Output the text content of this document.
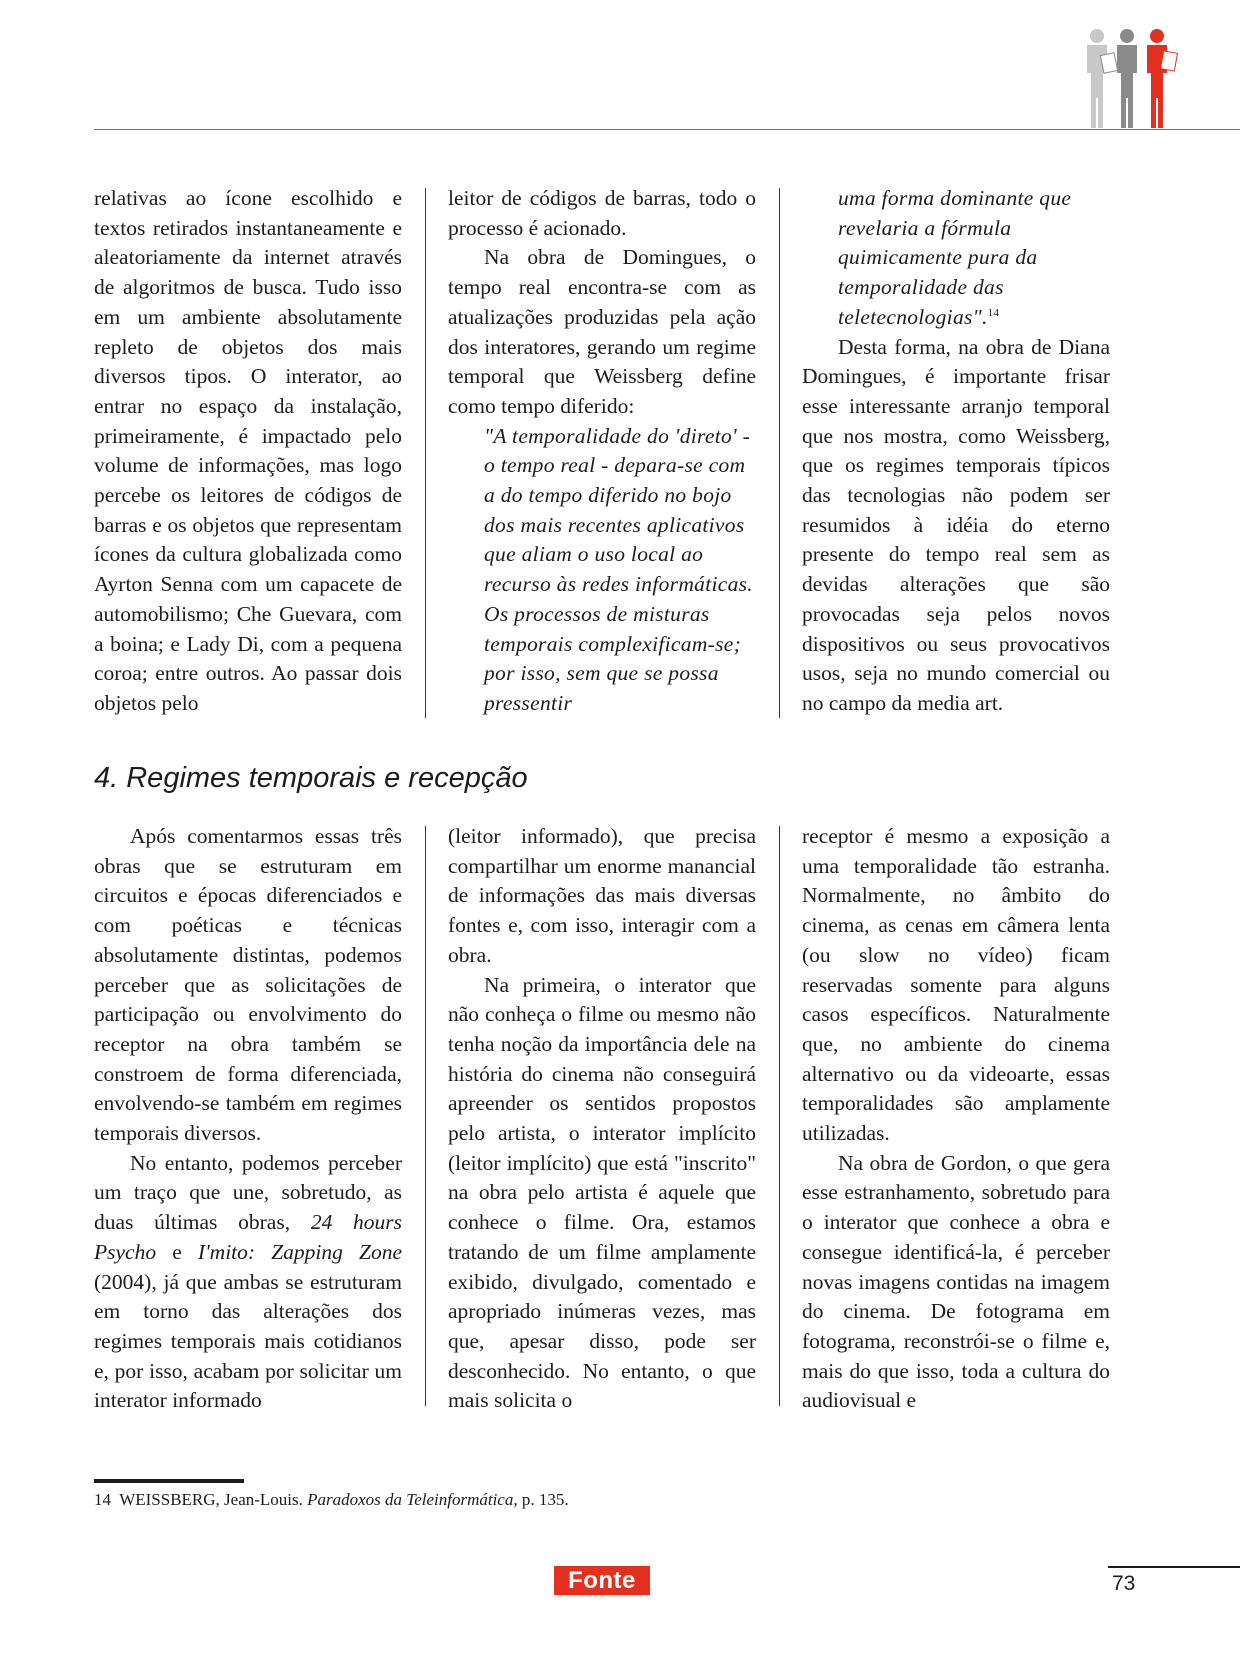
relativas ao ícone escolhido e textos retirados instantaneamente e aleatoriamente da internet através de algoritmos de busca. Tudo isso em um ambiente absolutamente repleto de objetos dos mais diversos tipos. O interator, ao entrar no espaço da instalação, primeiramente, é impactado pelo volume de informações, mas logo percebe os leitores de códigos de barras e os objetos que representam ícones da cultura globalizada como Ayrton Senna com um capacete de automobilismo; Che Guevara, com a boina; e Lady Di, com a pequena coroa; entre outros. Ao passar dois objetos pelo

leitor de códigos de barras, todo o processo é acionado.

Na obra de Domingues, o tempo real encontra-se com as atualizações produzidas pela ação dos interatores, gerando um regime temporal que Weissberg define como tempo diferido:

"A temporalidade do 'direto' - o tempo real - depara-se com a do tempo diferido no bojo dos mais recentes aplicativos que aliam o uso local ao recurso às redes informáticas. Os processos de misturas temporais complexificam-se; por isso, sem que se possa pressentir

uma forma dominante que revelaria a fórmula quimicamente pura da temporalidade das teletecnologias".$^{14}$

Desta forma, na obra de Diana Domingues, é importante frisar esse interessante arranjo temporal que nos mostra, como Weissberg, que os regimes temporais típicos das tecnologias não podem ser resumidos à idéia do eterno presente do tempo real sem as devidas alterações que são provocadas seja pelos novos dispositivos ou seus provocativos usos, seja no mundo comercial ou no campo da media art.

4. Regimes temporais e recepção

Após comentarmos essas três obras que se estruturam em circuitos e épocas diferenciados e com poéticas e técnicas absolutamente distintas, podemos perceber que as solicitações de participação ou envolvimento do receptor na obra também se constroem de forma diferenciada, envolvendo-se também em regimes temporais diversos.

No entanto, podemos perceber um traço que une, sobretudo, as duas últimas obras, 24 hours Psycho e I'mito: Zapping Zone (2004), já que ambas se estruturam em torno das alterações dos regimes temporais mais cotidianos e, por isso, acabam por solicitar um interator informado

(leitor informado), que precisa compartilhar um enorme manancial de informações das mais diversas fontes e, com isso, interagir com a obra.

Na primeira, o interator que não conheça o filme ou mesmo não tenha noção da importância dele na história do cinema não conseguirá apreender os sentidos propostos pelo artista, o interator implícito (leitor implícito) que está "inscrito" na obra pelo artista é aquele que conhece o filme. Ora, estamos tratando de um filme amplamente exibido, divulgado, comentado e apropriado inúmeras vezes, mas que, apesar disso, pode ser desconhecido. No entanto, o que mais solicita o

receptor é mesmo a exposição a uma temporalidade tão estranha. Normalmente, no âmbito do cinema, as cenas em câmera lenta (ou slow no vídeo) ficam reservadas somente para alguns casos específicos. Naturalmente que, no ambiente do cinema alternativo ou da videoarte, essas temporalidades são amplamente utilizadas.

Na obra de Gordon, o que gera esse estranhamento, sobretudo para o interator que conhece a obra e consegue identificá-la, é perceber novas imagens contidas na imagem do cinema. De fotograma em fotograma, reconstrói-se o filme e, mais do que isso, toda a cultura do audiovisual e

14 WEISSBERG, Jean-Louis. Paradoxos da Teleinformática, p. 135.
Fonte	73
